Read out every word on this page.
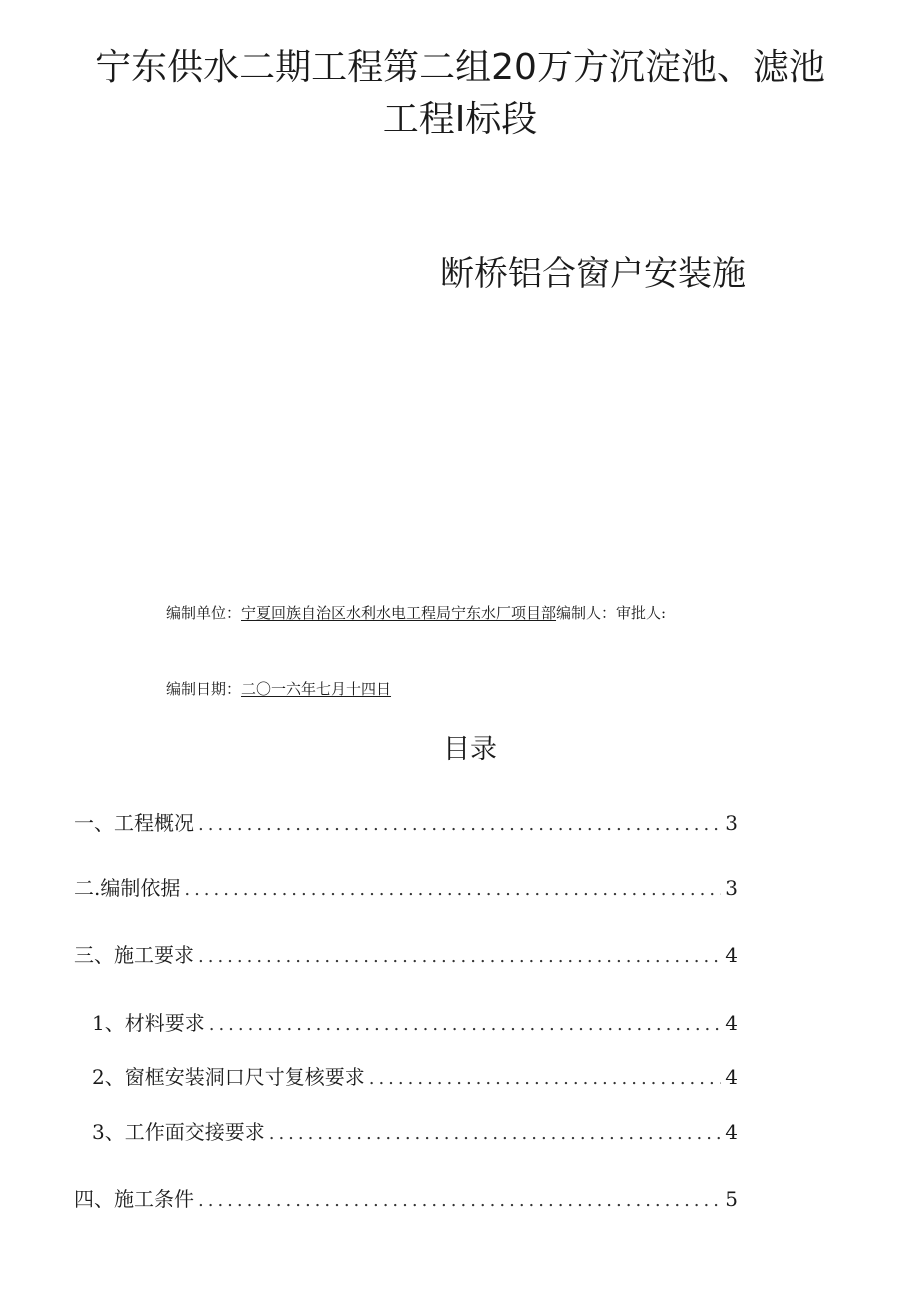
宁东供水二期工程第二组20万方沉淀池、滤池
工程Ⅰ标段
断桥铝合窗户安装施
编制单位：宁夏回族自治区水利水电工程局宁东水厂项目部编制人：审批人:
编制日期：二〇一六年七月十四日
目录
一、工程概况 .....	3
二.编制依据 .....	3
三、施工要求 .....	4
1、材料要求 .....	4
2、窗框安装洞口尺寸复核要求 .....	4
3、工作面交接要求 .....	4
四、施工条件 .....	5
